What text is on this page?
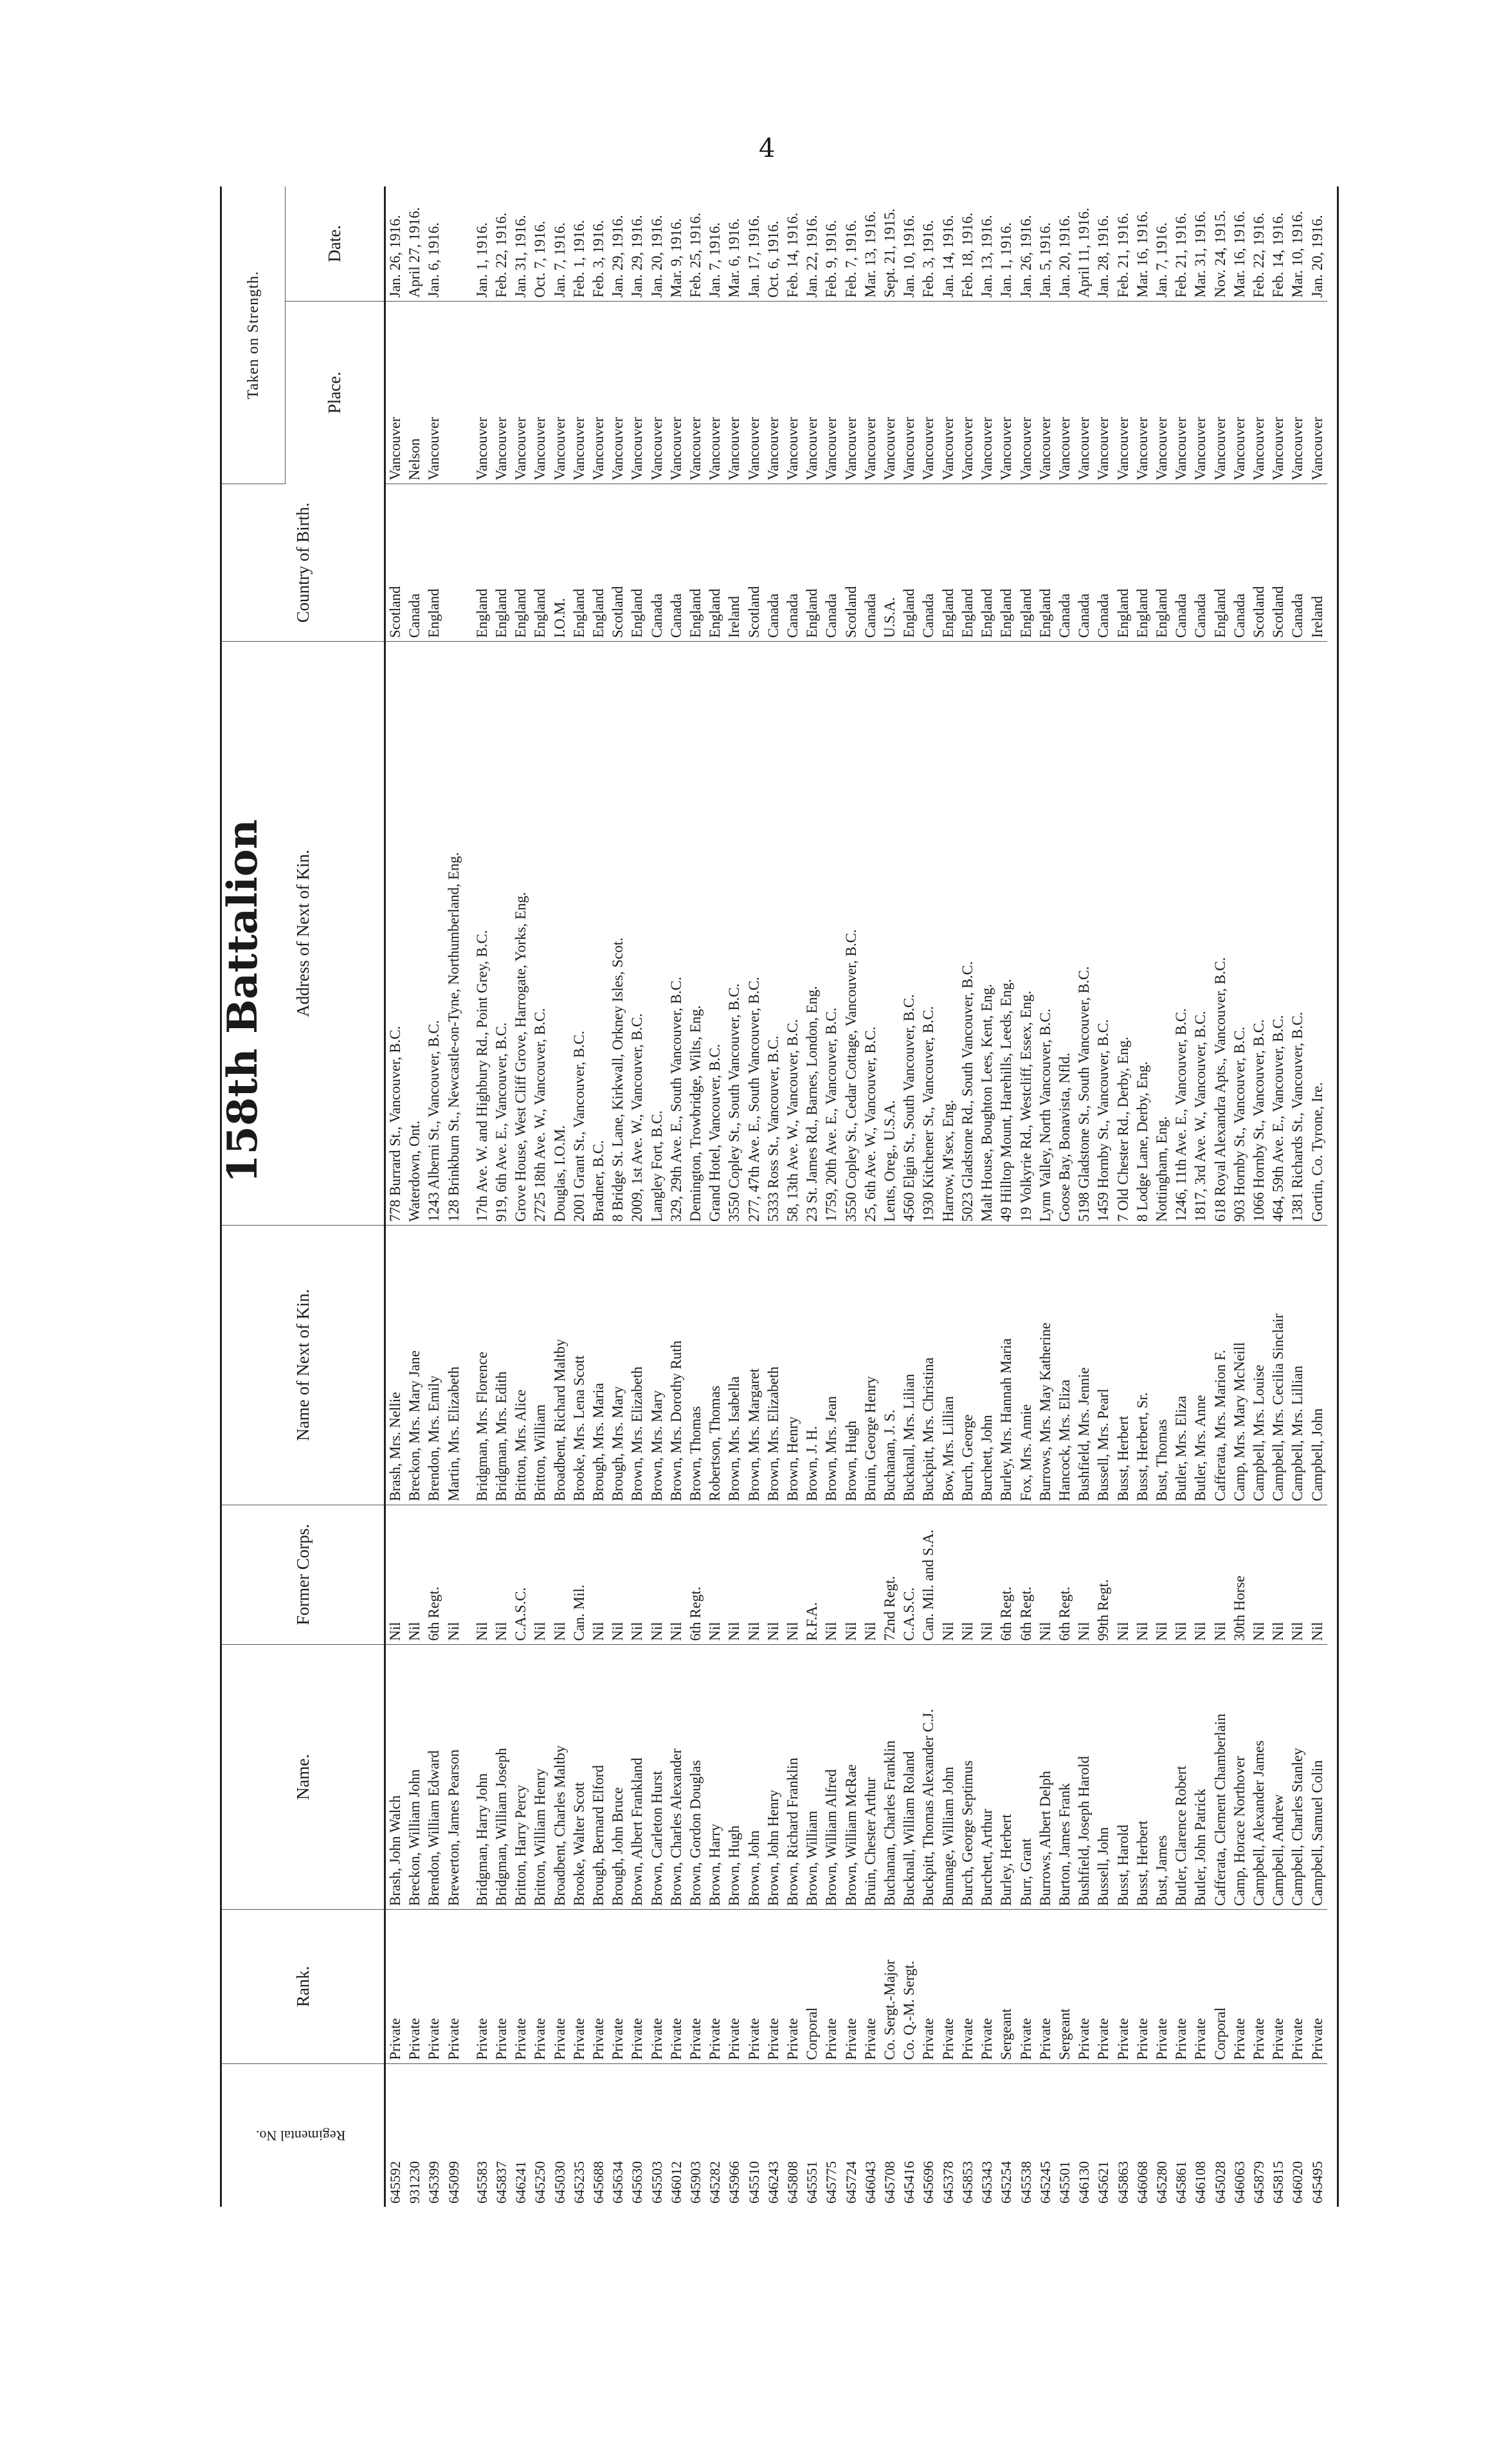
4
158th Battalion
Regimental No.	Rank.	Name.	Former Corps.	Name of Next of Kin.	Address of Next of Kin.	Country of Birth.	Taken on Strength.	
							Place.	Date.
645592	Private	Brash, John Walch	Nil	Brash, Mrs. Nellie	778 Burrard St., Vancouver, B.C.	Scotland	Vancouver	Jan. 26, 1916.
931230	Private	Breckon, William John	Nil	Breckon, Mrs. Mary Jane	Waterdown, Ont.	Canada	Nelson	April 27, 1916.
645399	Private	Brendon, William Edward	6th Regt.	Brendon, Mrs. Emily	1243 Alberni St., Vancouver, B.C.	England	Vancouver	Jan. 6, 1916.
645099	Private	Brewerton, James Pearson	Nil	Martin, Mrs. Elizabeth	128 Brinkburn St., Newcastle-on-Tyne, Northumberland, Eng.			

645583	Private	Bridgman, Harry John	Nil	Bridgman, Mrs. Florence	17th Ave. W. and Highbury Rd., Point Grey, B.C.	England	Vancouver	Jan. 1, 1916.
645837	Private	Bridgman, William Joseph	Nil	Bridgman, Mrs. Edith	919, 6th Ave. E., Vancouver, B.C.	England	Vancouver	Feb. 22, 1916.
646241	Private	Britton, Harry Percy	C.A.S.C.	Britton, Mrs. Alice	Grove House, West Cliff Grove, Harrogate, Yorks, Eng.	England	Vancouver	Jan. 31, 1916.
645250	Private	Britton, William Henry	Nil	Britton, William	2725 18th Ave. W., Vancouver, B.C.	England	Vancouver	Oct. 7, 1916.
645030	Private	Broadbent, Charles Maltby	Nil	Broadbent, Richard Maltby	Douglas, I.O.M.	I.O.M.	Vancouver	Jan. 7, 1916.
645235	Private	Brooke, Walter Scott	Can. Mil.	Brooke, Mrs. Lena Scott	2001 Grant St., Vancouver, B.C.	England	Vancouver	Feb. 1, 1916.
645688	Private	Brough, Bernard Elford	Nil	Brough, Mrs. Maria	Bradner, B.C.	England	Vancouver	Feb. 3, 1916.
645634	Private	Brough, John Bruce	Nil	Brough, Mrs. Mary	8 Bridge St. Lane, Kirkwall, Orkney Isles, Scot.	Scotland	Vancouver	Jan. 29, 1916.
645630	Private	Brown, Albert Frankland	Nil	Brown, Mrs. Elizabeth	2009, 1st Ave. W., Vancouver, B.C.	England	Vancouver	Jan. 29, 1916.
645503	Private	Brown, Carleton Hurst	Nil	Brown, Mrs. Mary	Langley Fort, B.C.	Canada	Vancouver	Jan. 20, 1916.
646012	Private	Brown, Charles Alexander	Nil	Brown, Mrs. Dorothy Ruth	329, 29th Ave. E., South Vancouver, B.C.	Canada	Vancouver	Mar. 9, 1916.
645903	Private	Brown, Gordon Douglas	6th Regt.	Brown, Thomas	Demington, Trowbridge, Wilts, Eng.	England	Vancouver	Feb. 25, 1916.
645282	Private	Brown, Harry	Nil	Robertson, Thomas	Grand Hotel, Vancouver, B.C.	England	Vancouver	Jan. 7, 1916.
645966	Private	Brown, Hugh	Nil	Brown, Mrs. Isabella	3550 Copley St., South Vancouver, B.C.	Ireland	Vancouver	Mar. 6, 1916.
645510	Private	Brown, John	Nil	Brown, Mrs. Margaret	277, 47th Ave. E., South Vancouver, B.C.	Scotland	Vancouver	Jan. 17, 1916.
646243	Private	Brown, John Henry	Nil	Brown, Mrs. Elizabeth	5333 Ross St., Vancouver, B.C.	Canada	Vancouver	Oct. 6, 1916.
645808	Private	Brown, Richard Franklin	Nil	Brown, Henry	58, 13th Ave. W., Vancouver, B.C.	Canada	Vancouver	Feb. 14, 1916.
645551	Corporal	Brown, William	R.F.A.	Brown, J. H.	23 St. James Rd., Barnes, London, Eng.	England	Vancouver	Jan. 22, 1916.
645775	Private	Brown, William Alfred	Nil	Brown, Mrs. Jean	1759, 20th Ave. E., Vancouver, B.C.	Canada	Vancouver	Feb. 9, 1916.
645724	Private	Brown, William McRae	Nil	Brown, Hugh	3550 Copley St., Cedar Cottage, Vancouver, B.C.	Scotland	Vancouver	Feb. 7, 1916.
646043	Private	Bruin, Chester Arthur	Nil	Bruin, George Henry	25, 6th Ave. W., Vancouver, B.C.	Canada	Vancouver	Mar. 13, 1916.
645708	Co. Sergt.-Major	Buchanan, Charles Franklin	72nd Regt.	Buchanan, J. S.	Lents, Oreg., U.S.A.	U.S.A.	Vancouver	Sept. 21, 1915.
645416	Co. Q.-M. Sergt.	Bucknall, William Roland	C.A.S.C.	Bucknall, Mrs. Lilian	4560 Elgin St., South Vancouver, B.C.	England	Vancouver	Jan. 10, 1916.
645696	Private	Buckpitt, Thomas Alexander C.J.	Can. Mil. and S.A.	Buckpitt, Mrs. Christina	1930 Kitchener St., Vancouver, B.C.	Canada	Vancouver	Feb. 3, 1916.
645378	Private	Bunnage, William John	Nil	Bow, Mrs. Lillian	Harrow, M'sex, Eng.	England	Vancouver	Jan. 14, 1916.
645853	Private	Burch, George Septimus	Nil	Burch, George	5023 Gladstone Rd., South Vancouver, B.C.	England	Vancouver	Feb. 18, 1916.
645343	Private	Burchett, Arthur	Nil	Burchett, John	Malt House, Boughton Lees, Kent, Eng.	England	Vancouver	Jan. 13, 1916.
645254	Sergeant	Burley, Herbert	6th Regt.	Burley, Mrs. Hannah Maria	49 Hilltop Mount, Harehills, Leeds, Eng.	England	Vancouver	Jan. 1, 1916.
645538	Private	Burr, Grant	6th Regt.	Fox, Mrs. Annie	19 Volkyrie Rd., Westcliff, Essex, Eng.	England	Vancouver	Jan. 26, 1916.
645245	Private	Burrows, Albert Delph	Nil	Burrows, Mrs. May Katherine	Lynn Valley, North Vancouver, B.C.	England	Vancouver	Jan. 5, 1916.
645501	Sergeant	Burton, James Frank	6th Regt.	Hancock, Mrs. Eliza	Goose Bay, Bonavista, Nfld.	Canada	Vancouver	Jan. 20, 1916.
646130	Private	Bushfield, Joseph Harold	Nil	Bushfield, Mrs. Jennie	5198 Gladstone St., South Vancouver, B.C.	Canada	Vancouver	April 11, 1916.
645621	Private	Bussell, John	99th Regt.	Bussell, Mrs. Pearl	1459 Hornby St., Vancouver, B.C.	Canada	Vancouver	Jan. 28, 1916.
645863	Private	Busst, Harold	Nil	Busst, Herbert	7 Old Chester Rd., Derby, Eng.	England	Vancouver	Feb. 21, 1916.
646068	Private	Busst, Herbert	Nil	Busst, Herbert, Sr.	8 Lodge Lane, Derby, Eng.	England	Vancouver	Mar. 16, 1916.
645280	Private	Bust, James	Nil	Bust, Thomas	Nottingham, Eng.	England	Vancouver	Jan. 7, 1916.
645861	Private	Butler, Clarence Robert	Nil	Butler, Mrs. Eliza	1246, 11th Ave. E., Vancouver, B.C.	Canada	Vancouver	Feb. 21, 1916.
646108	Private	Butler, John Patrick	Nil	Butler, Mrs. Anne	1817, 3rd Ave. W., Vancouver, B.C.	Canada	Vancouver	Mar. 31, 1916.
645028	Corporal	Cafferata, Clement Chamberlain	Nil	Cafferata, Mrs. Marion F.	618 Royal Alexandra Apts., Vancouver, B.C.	England	Vancouver	Nov. 24, 1915.
646063	Private	Camp, Horace Northover	30th Horse	Camp, Mrs. Mary McNeill	903 Hornby St., Vancouver, B.C.	Canada	Vancouver	Mar. 16, 1916.
645879	Private	Campbell, Alexander James	Nil	Campbell, Mrs. Louise	1066 Hornby St., Vancouver, B.C.	Scotland	Vancouver	Feb. 22, 1916.
645815	Private	Campbell, Andrew	Nil	Campbell, Mrs. Cecilia Sinclair	464, 59th Ave. E., Vancouver, B.C.	Scotland	Vancouver	Feb. 14, 1916.
646020	Private	Campbell, Charles Stanley	Nil	Campbell, Mrs. Lillian	1381 Richards St., Vancouver, B.C.	Canada	Vancouver	Mar. 10, 1916.
645495	Private	Campbell, Samuel Colin	Nil	Campbell, John	Gortin, Co. Tyrone, Ire.	Ireland	Vancouver	Jan. 20, 1916.
